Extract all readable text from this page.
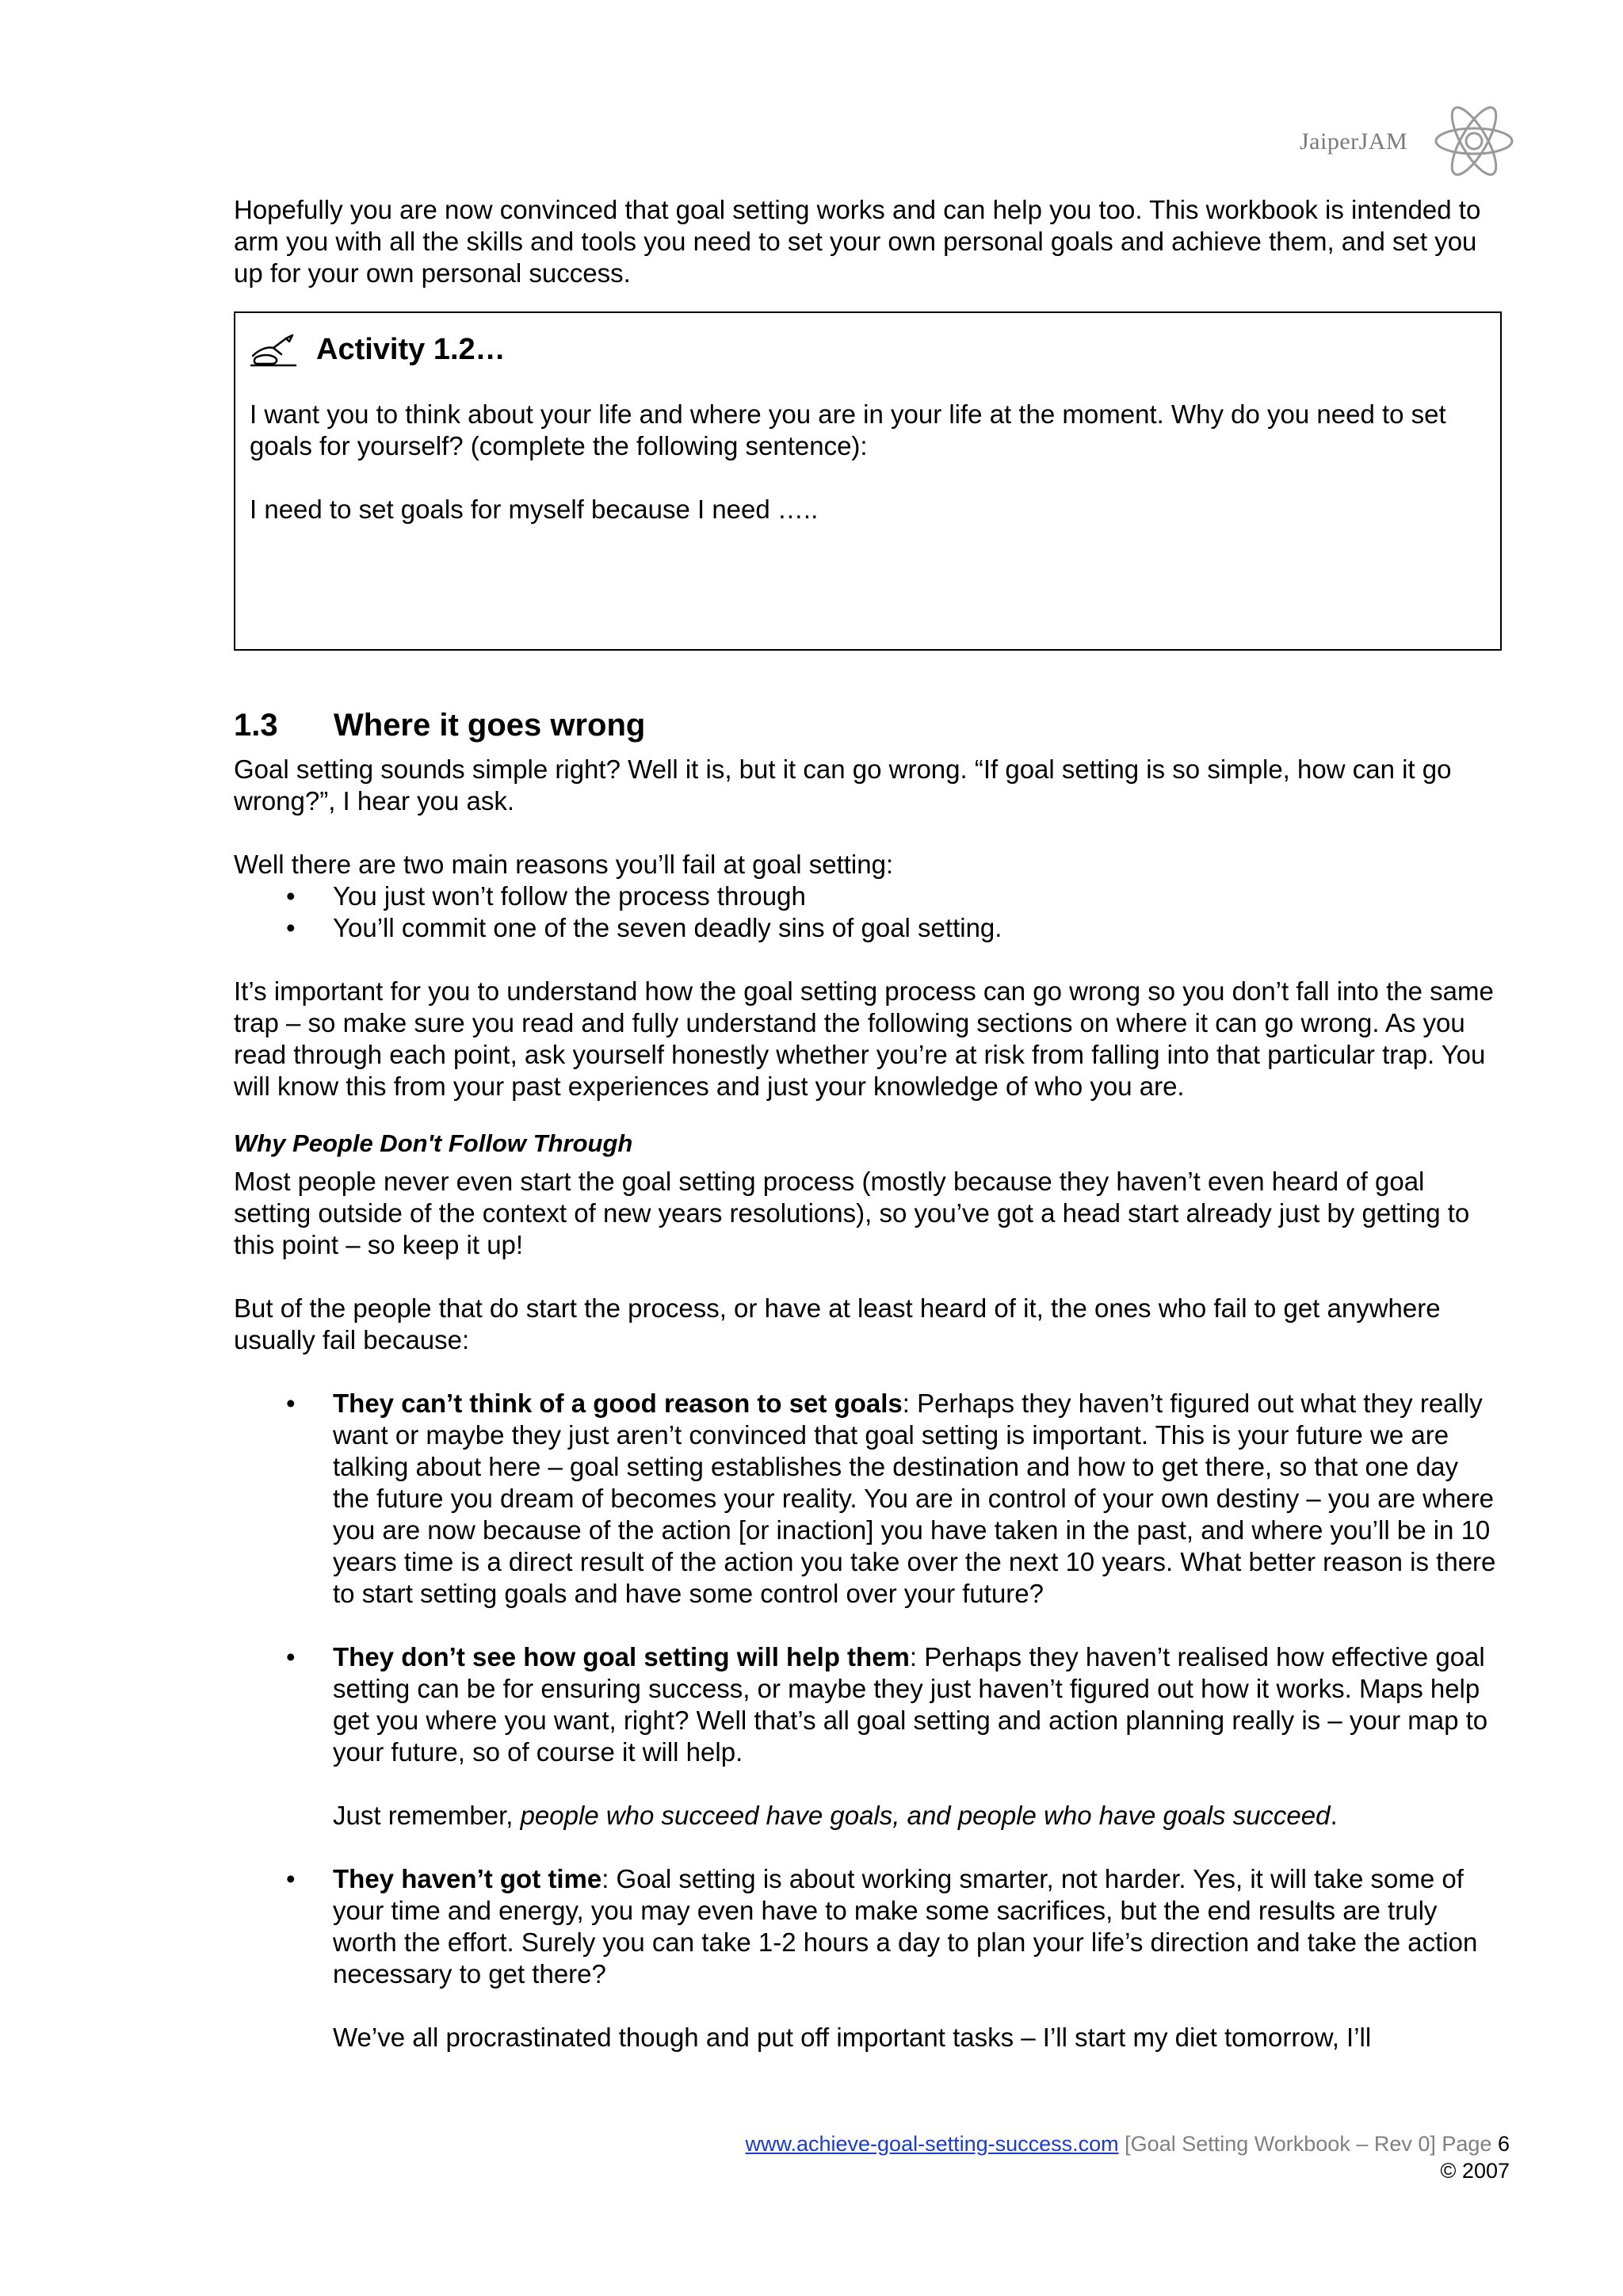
JaiperJAM

Hopefully you are now convinced that goal setting works and can help you too. This workbook is intended to arm you with all the skills and tools you need to set your own personal goals and achieve them, and set you up for your own personal success.

Activity 1.2…

I want you to think about your life and where you are in your life at the moment. Why do you need to set goals for yourself? (complete the following sentence):

I need to set goals for myself because I need …..

1.3	Where it goes wrong

Goal setting sounds simple right? Well it is, but it can go wrong. “If goal setting is so simple, how can it go wrong?”, I hear you ask.

Well there are two main reasons you’ll fail at goal setting:

• You just won’t follow the process through
• You’ll commit one of the seven deadly sins of goal setting.

It’s important for you to understand how the goal setting process can go wrong so you don’t fall into the same trap – so make sure you read and fully understand the following sections on where it can go wrong. As you read through each point, ask yourself honestly whether you’re at risk from falling into that particular trap. You will know this from your past experiences and just your knowledge of who you are.

Why People Don't Follow Through

Most people never even start the goal setting process (mostly because they haven’t even heard of goal setting outside of the context of new years resolutions), so you’ve got a head start already just by getting to this point – so keep it up!

But of the people that do start the process, or have at least heard of it, the ones who fail to get anywhere usually fail because:

• They can’t think of a good reason to set goals: Perhaps they haven’t figured out what they really want or maybe they just aren’t convinced that goal setting is important. This is your future we are talking about here – goal setting establishes the destination and how to get there, so that one day the future you dream of becomes your reality. You are in control of your own destiny – you are where you are now because of the action [or inaction] you have taken in the past, and where you’ll be in 10 years time is a direct result of the action you take over the next 10 years. What better reason is there to start setting goals and have some control over your future?
• They don’t see how goal setting will help them: Perhaps they haven’t realised how effective goal setting can be for ensuring success, or maybe they just haven’t figured out how it works. Maps help get you where you want, right? Well that’s all goal setting and action planning really is – your map to your future, so of course it will help.

Just remember, people who succeed have goals, and people who have goals succeed.

• They haven’t got time: Goal setting is about working smarter, not harder. Yes, it will take some of your time and energy, you may even have to make some sacrifices, but the end results are truly worth the effort. Surely you can take 1-2 hours a day to plan your life’s direction and take the action necessary to get there?

We’ve all procrastinated though and put off important tasks – I’ll start my diet tomorrow, I’ll

www.achieve-goal-setting-success.com [Goal Setting Workbook – Rev 0] Page 6
© 2007
